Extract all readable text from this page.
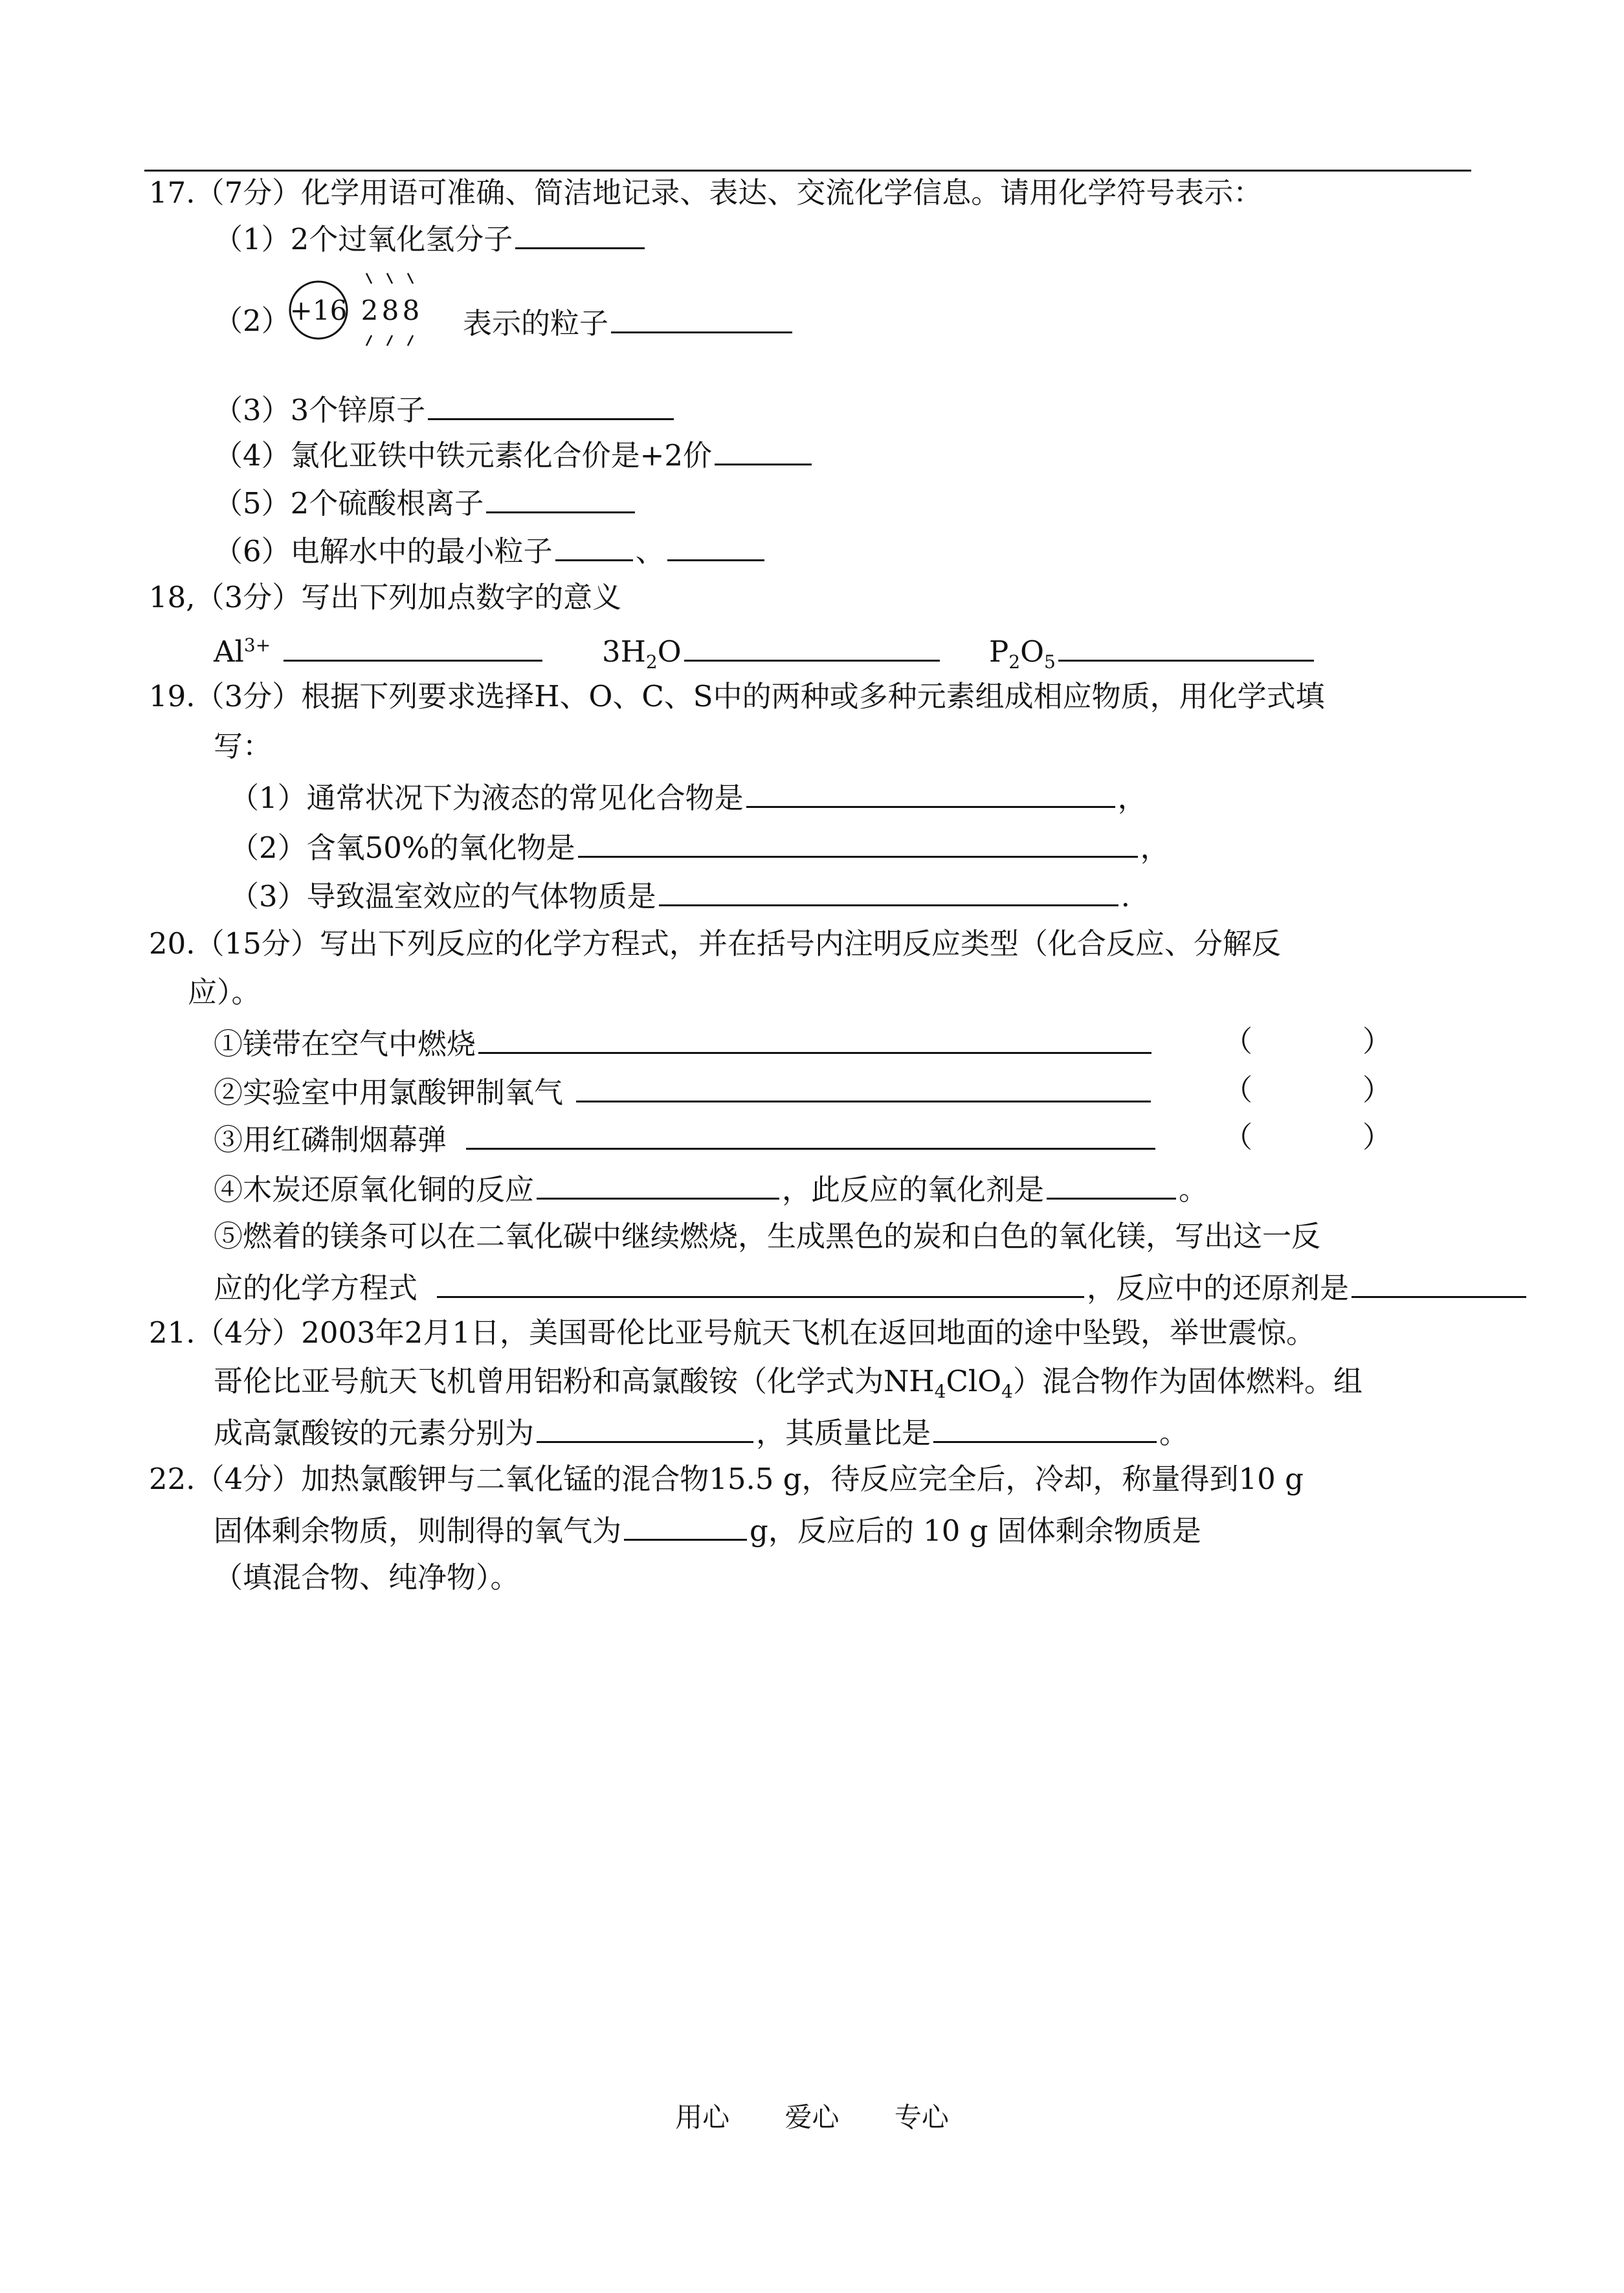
17.（7分）化学用语可准确、简洁地记录、表达、交流化学信息。请用化学符号表示：
（1）2个过氧化氢分子
（2） +16 2 8 8 表示的粒子
（3）3个锌原子
（4）氯化亚铁中铁元素化合价是+2价
（5）2个硫酸根离子
（6）电解水中的最小粒子	、
18,（3分）写出下列加点数字的意义
$Al^{3+}$	$3H_2O$	$P_2O_5$
19.（3分）根据下列要求选择H、O、C、S中的两种或多种元素组成相应物质，用化学式填
写：
（1）通常状况下为液态的常见化合物是	，
（2）含氧50%的氧化物是	，
（3）导致温室效应的气体物质是	.
20.（15分）写出下列反应的化学方程式，并在括号内注明反应类型（化合反应、分解反
应）。
①镁带在空气中燃烧	（	）
②实验室中用氯酸钾制氧气	（	）
③用红磷制烟幕弹	（	）
④木炭还原氧化铜的反应	，此反应的氧化剂是	。
⑤燃着的镁条可以在二氧化碳中继续燃烧，生成黑色的炭和白色的氧化镁，写出这一反
应的化学方程式	，反应中的还原剂是
21.（4分）2003年2月1日，美国哥伦比亚号航天飞机在返回地面的途中坠毁，举世震惊。
哥伦比亚号航天飞机曾用铝粉和高氯酸铵（化学式为$NH_4ClO_4$）混合物作为固体燃料。组
成高氯酸铵的元素分别为	，其质量比是	。
22.（4分）加热氯酸钾与二氧化锰的混合物15.5 g，待反应完全后，冷却，称量得到10 g
固体剩余物质，则制得的氧气为	g，反应后的 10 g 固体剩余物质是
（填混合物、纯净物）。
用心 爱心 专心
